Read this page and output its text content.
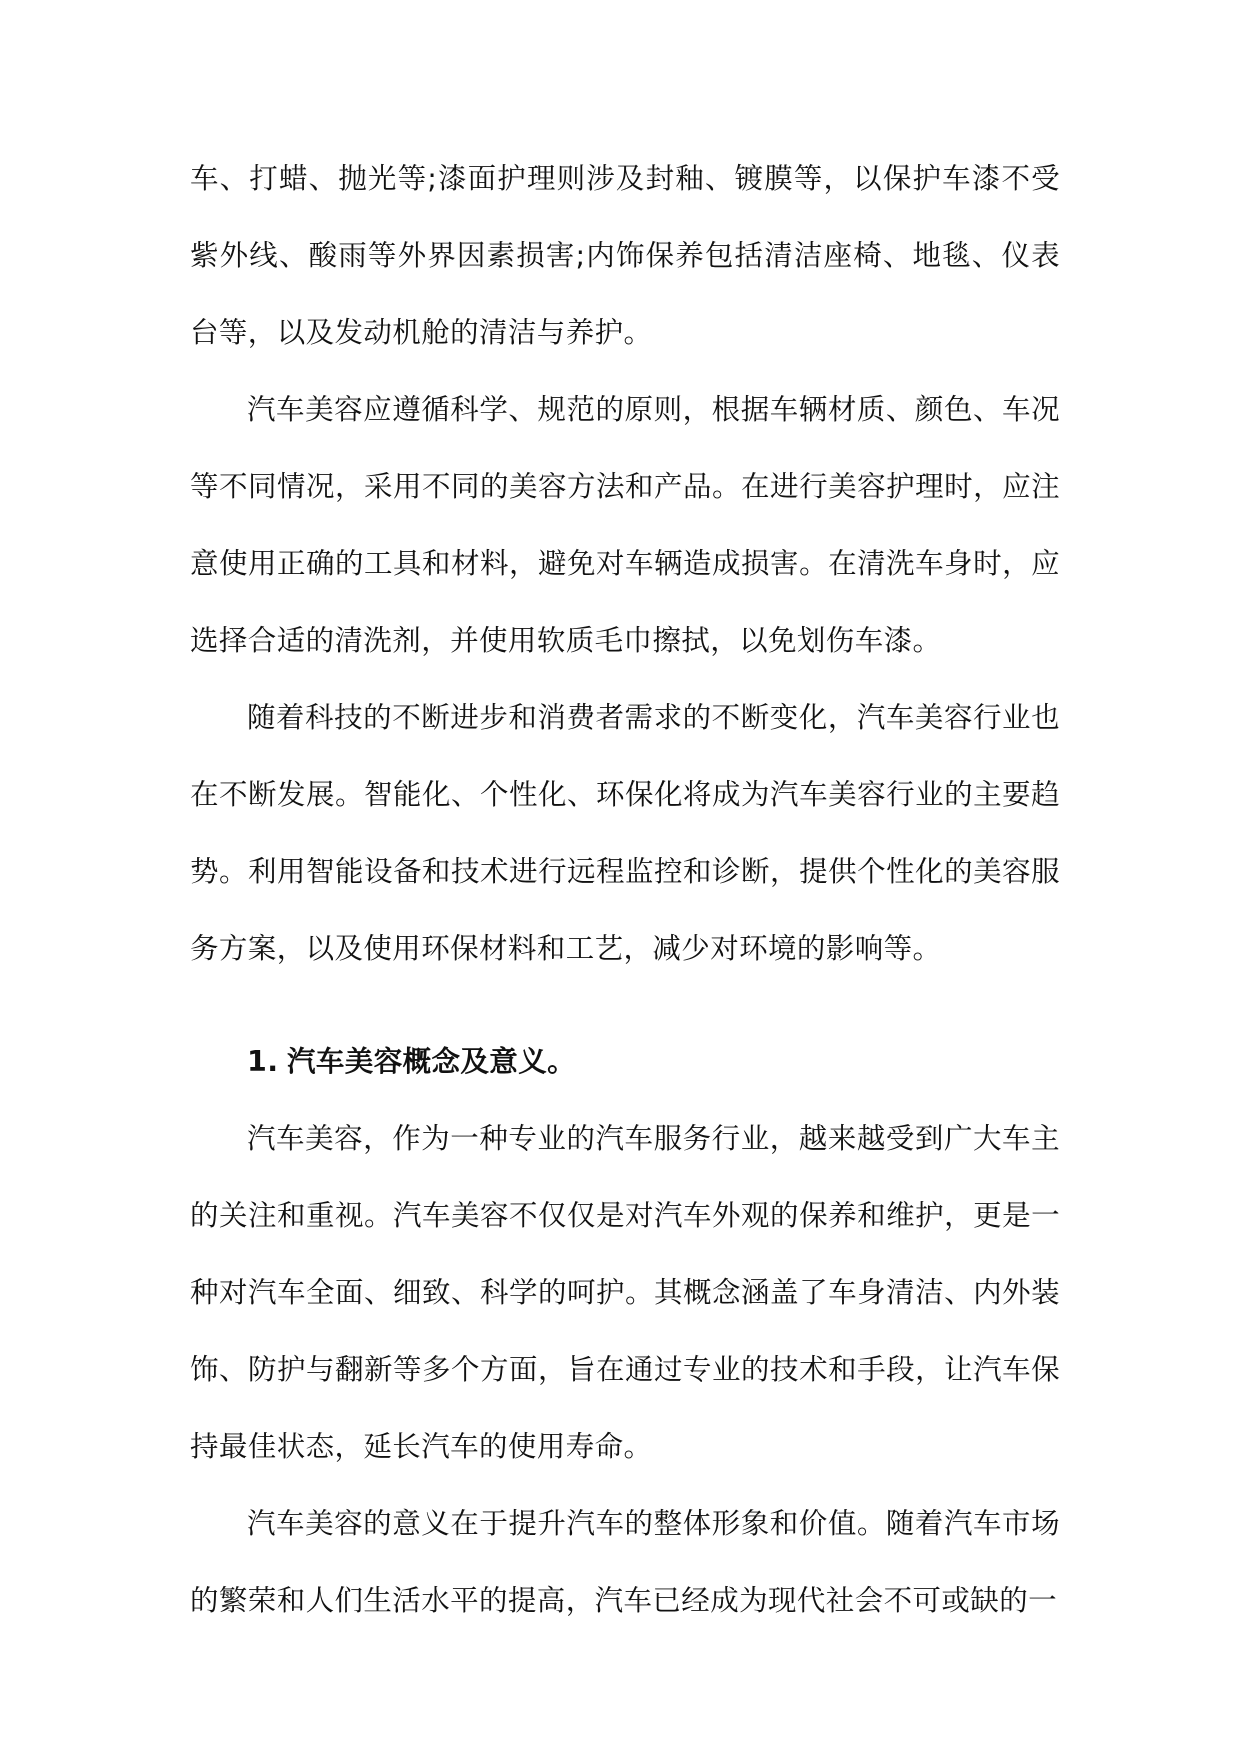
车、打蜡、抛光等;漆面护理则涉及封釉、镀膜等，以保护车漆不受紫外线、酸雨等外界因素损害;内饰保养包括清洁座椅、地毯、仪表台等，以及发动机舱的清洁与养护。

汽车美容应遵循科学、规范的原则，根据车辆材质、颜色、车况等不同情况，采用不同的美容方法和产品。在进行美容护理时，应注意使用正确的工具和材料，避免对车辆造成损害。在清洗车身时，应选择合适的清洗剂，并使用软质毛巾擦拭，以免划伤车漆。

随着科技的不断进步和消费者需求的不断变化，汽车美容行业也在不断发展。智能化、个性化、环保化将成为汽车美容行业的主要趋势。利用智能设备和技术进行远程监控和诊断，提供个性化的美容服务方案，以及使用环保材料和工艺，减少对环境的影响等。

1. 汽车美容概念及意义。

汽车美容，作为一种专业的汽车服务行业，越来越受到广大车主的关注和重视。汽车美容不仅仅是对汽车外观的保养和维护，更是一种对汽车全面、细致、科学的呵护。其概念涵盖了车身清洁、内外装饰、防护与翻新等多个方面，旨在通过专业的技术和手段，让汽车保持最佳状态，延长汽车的使用寿命。

汽车美容的意义在于提升汽车的整体形象和价值。随着汽车市场的繁荣和人们生活水平的提高，汽车已经成为现代社会不可或缺的一
